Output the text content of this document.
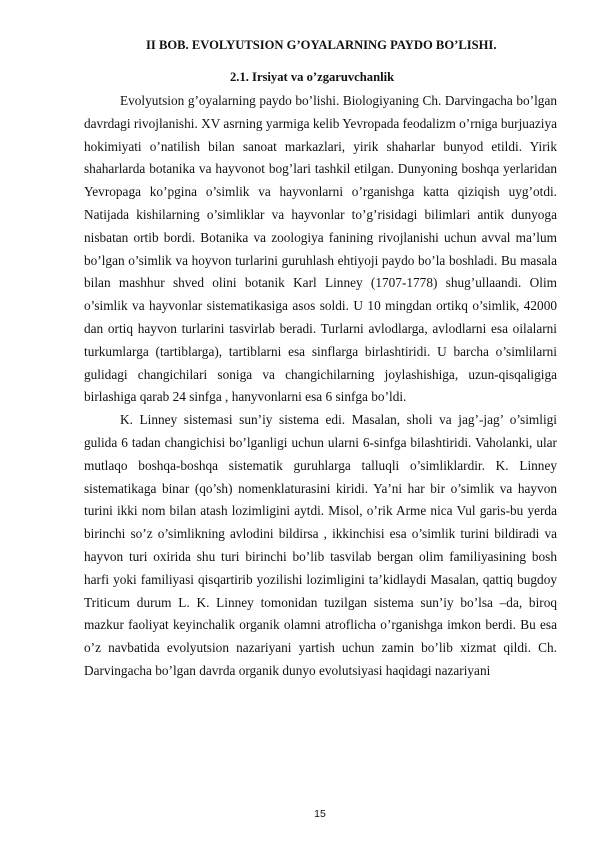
II BOB. EVOLYUTSION G’OYALARNING PAYDO BO’LISHI.
2.1. Irsiyat va o’zgaruvchanlik

Evolyutsion g’oyalarning paydo bo’lishi. Biologiyaning Ch. Darvingacha bo’lgan davrdagi rivojlanishi. XV asrning yarmiga kelib Yevropada feodalizm o’rniga burjuaziya hokimiyati o’natilish bilan sanoat markazlari, yirik shaharlar bunyod etildi. Yirik shaharlarda botanika va hayvonot bog’lari tashkil etilgan. Dunyoning boshqa yerlaridan Yevropaga ko’pgina o’simlik va hayvonlarni o’rganishga katta qiziqish uyg’otdi. Natijada kishilarning o’simliklar va hayvonlar to’g’risidagi bilimlari antik dunyoga nisbatan ortib bordi. Botanika va zoologiya fanining rivojlanishi uchun avval ma’lum bo’lgan o’simlik va hoyvon turlarini guruhlash ehtiyoji paydo bo’la boshladi. Bu masala bilan mashhur shved olini botanik Karl Linney (1707-1778) shug’ullaandi. Olim o’simlik va hayvonlar sistematikasiga asos soldi. U 10 mingdan ortikq o’simlik, 42000 dan ortiq hayvon turlarini tasvirlab beradi. Turlarni avlodlarga, avlodlarni esa oilalarni turkumlarga (tartiblarga), tartiblarni esa sinflarga birlashtiridi. U barcha o’simlilarni gulidagi changichilari soniga va changichilarning joylashishiga, uzun-qisqaligiga birlashiga qarab 24 sinfga , hanyvonlarni esa 6 sinfga bo’ldi.

K. Linney sistemasi sun’iy sistema edi. Masalan, sholi va jag’-jag’ o’simligi gulida 6 tadan changichisi bo’lganligi uchun ularni 6-sinfga bilashtiridi. Vaholanki, ular mutlaqo boshqa-boshqa sistematik guruhlarga talluqli o’simliklardir. K. Linney sistematikaga binar (qo’sh) nomenklaturasini kiridi. Ya’ni har bir o’simlik va hayvon turini ikki nom bilan atash lozimligini aytdi. Misol, o’rik Arme nica Vul garis-bu yerda birinchi so’z o’simlikning avlodini bildirsa , ikkinchisi esa o’simlik turini bildiradi va hayvon turi oxirida shu turi birinchi bo’lib tasvilab bergan olim familiyasining bosh harfi yoki familiyasi qisqartirib yozilishi lozimligini ta’kidlaydi Masalan, qattiq bugdoy Triticum durum L. K. Linney tomonidan tuzilgan sistema sun’iy bo’lsa –da, biroq mazkur faoliyat keyinchalik organik olamni atroflicha o’rganishga imkon berdi. Bu esa o’z navbatida evolyutsion nazariyani yartish uchun zamin bo’lib xizmat qildi. Ch. Darvingacha bo’lgan davrda organik dunyo evolutsiyasi haqidagi nazariyani

15
